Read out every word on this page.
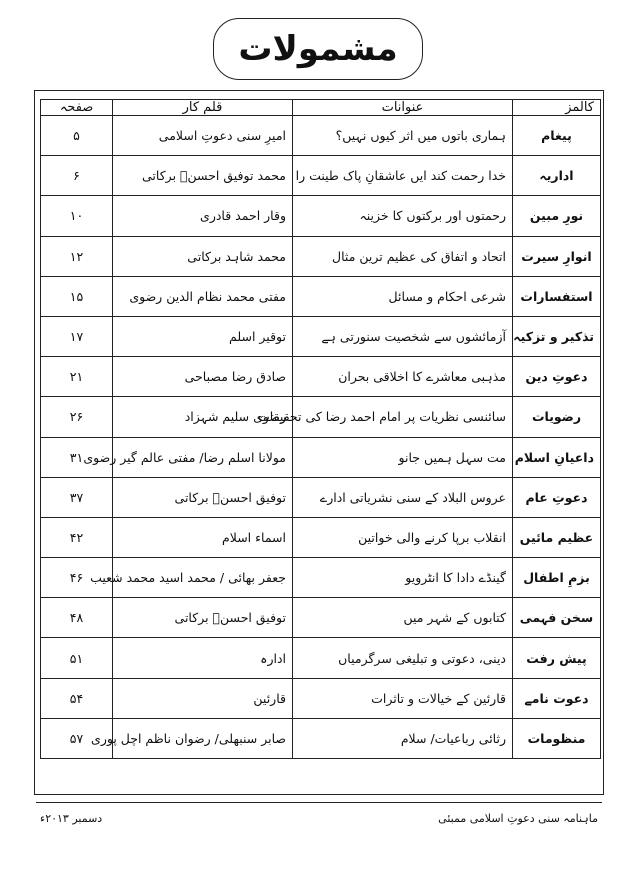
مشمولات
کالمز	عنوانات	قلم کار	صفحہ
پیغام	ہماری باتوں میں اثر کیوں نہیں؟	امیرِ سنی دعوتِ اسلامی	۵
اداریہ	خدا رحمت کند ایں عاشقانِ پاک طینت را	محمد توفیق احسنؔ برکاتی	۶
نورِ مبین	رحمتوں اور برکتوں کا خزینہ	وقار احمد قادری	۱۰
انوارِ سیرت	اتحاد و اتفاق کی عظیم ترین مثال	محمد شاہد برکاتی	۱۲
استفسارات	شرعی احکام و مسائل	مفتی محمد نظام الدین رضوی	۱۵
تذکیر و تزکیہ	آزمائشوں سے شخصیت سنورتی ہے	توقیر اسلم	۱۷
دعوتِ دین	مذہبی معاشرے کا اخلاقی بحران	صادق رضا مصباحی	۲۱
رضویات	سائنسی نظریات پر امام احمد رضا کی تحقیقات	رضوی سلیم شہزاد	۲۶
داعیانِ اسلام	مت سہل ہمیں جانو	مولانا اسلم رضا/ مفتی عالم گیر رضوی	۳۱
دعوتِ عام	عروس البلاد کے سنی نشریاتی ادارے	توفیق احسنؔ برکاتی	۳۷
عظیم مائیں	انقلاب برپا کرنے والی خواتین	اسماء اسلام	۴۲
بزمِ اطفال	گینڈے دادا کا انٹرویو	جعفر بھائی / محمد اسید محمد شعیب	۴۶
سخن فہمی	کتابوں کے شہر میں	توفیق احسنؔ برکاتی	۴۸
پیش رفت	دینی، دعوتی و تبلیغی سرگرمیاں	ادارہ	۵۱
دعوت نامے	قارئین کے خیالات و تاثرات	قارئین	۵۴
منظومات	رثائی رباعیات/ سلام	صابر سنبھلی/ رضوان ناظم اچل پوری	۵۷
دسمبر ۲۰۱۳ء	ماہنامہ سنی دعوتِ اسلامی ممبئی
